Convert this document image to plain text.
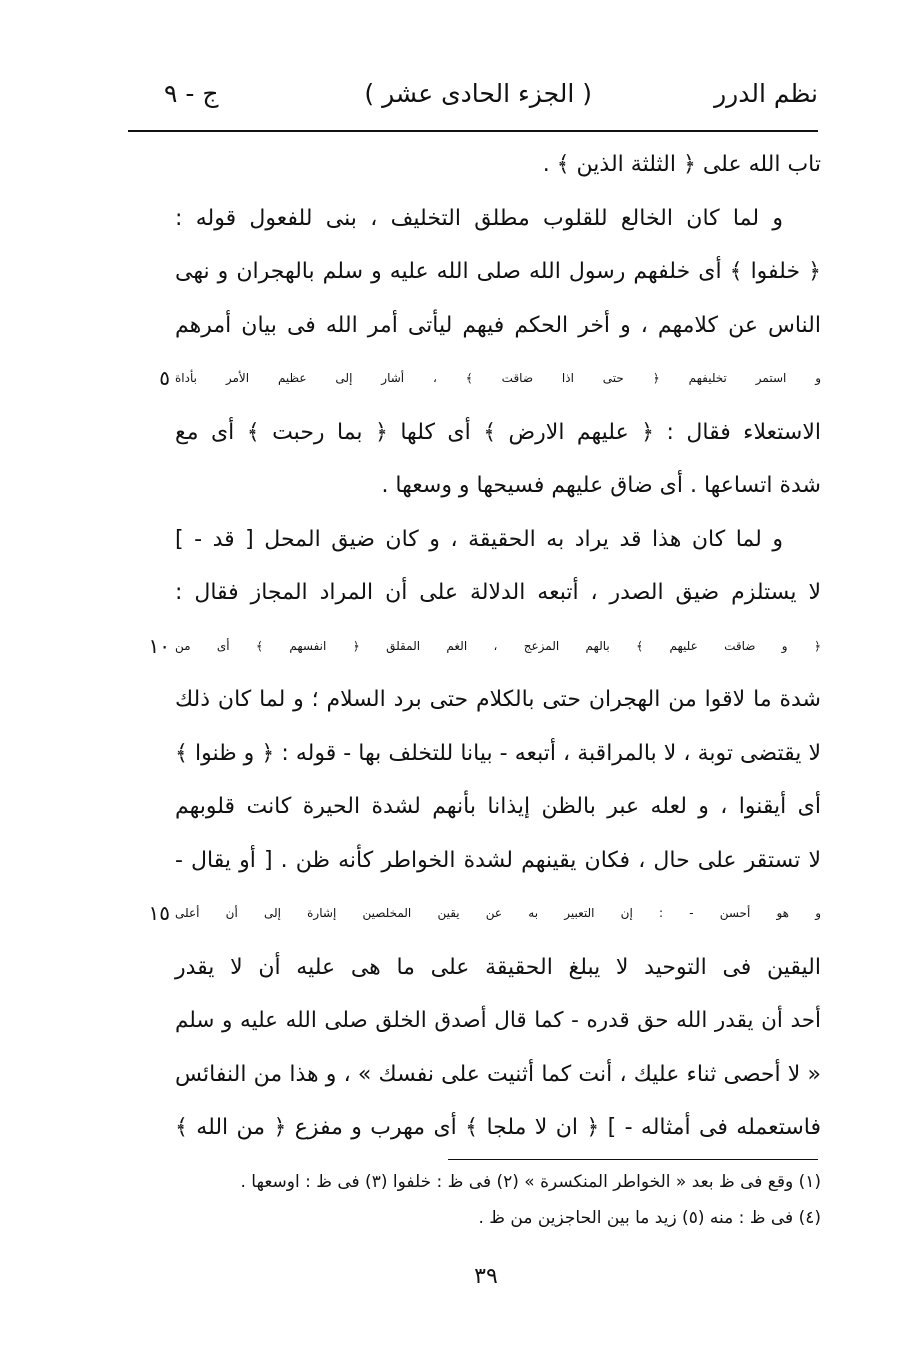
نظم الدرر
( الجزء الحادى عشر )
ج - ٩
تاب الله على ﴿ الثلثة الذين ﴾ .
و لما كان الخالع للقلوب مطلق التخليف ، بنى للفعول قوله :
﴿ خلفوا ﴾ أى خلفهم رسول الله صلى الله عليه و سلم بالهجران و نهى
الناس عن كلامهم ، و أخر الحكم فيهم ليأتى أمر الله فى بيان أمرهم
و استمر تخليفهم ﴿ حتى اذا ضاقت ﴾ ، أشار إلى عظيم الأمر بأداة
٥
الاستعلاء فقال : ﴿ عليهم الارض ﴾ أى كلها ﴿ بما رحبت ﴾ أى مع
شدة اتساعها . أى ضاق عليهم فسيحها و وسعها .
و لما كان هذا قد يراد به الحقيقة ، و كان ضيق المحل [ قد - ]
لا يستلزم ضيق الصدر ، أتبعه الدلالة على أن المراد المجاز فقال :
﴿ و ضاقت عليهم ﴾ بالهم المزعج ، الغم المقلق ﴿ انفسهم ﴾ أى من
١٠
شدة ما لاقوا من الهجران حتى بالكلام حتى برد السلام ؛ و لما كان ذلك
لا يقتضى توبة ، لا بالمراقبة ، أتبعه - بيانا للتخلف بها - قوله : ﴿ و ظنوا ﴾
أى أيقنوا ، و لعله عبر بالظن إيذانا بأنهم لشدة الحيرة كانت قلوبهم
لا تستقر على حال ، فكان يقينهم لشدة الخواطر كأنه ظن . [ أو يقال -
و هو أحسن - : إن التعبير به عن يقين المخلصين إشارة إلى أن أعلى
١٥
اليقين فى التوحيد لا يبلغ الحقيقة على ما هى عليه أن لا يقدر
أحد أن يقدر الله حق قدره - كما قال أصدق الخلق صلى الله عليه و سلم
« لا أحصى ثناء عليك ، أنت كما أثنيت على نفسك » ، و هذا من النفائس
فاستعمله فى أمثاله - ] ﴿ ان لا ملجا ﴾ أى مهرب و مفزع ﴿ من الله ﴾
(١) وقع فى ظ بعد « الخواطر المنكسرة » (٢) فى ظ : خلفوا (٣) فى ظ : اوسعها .
(٤) فى ظ : منه (٥) زيد ما بين الحاجزين من ظ .
٣٩
